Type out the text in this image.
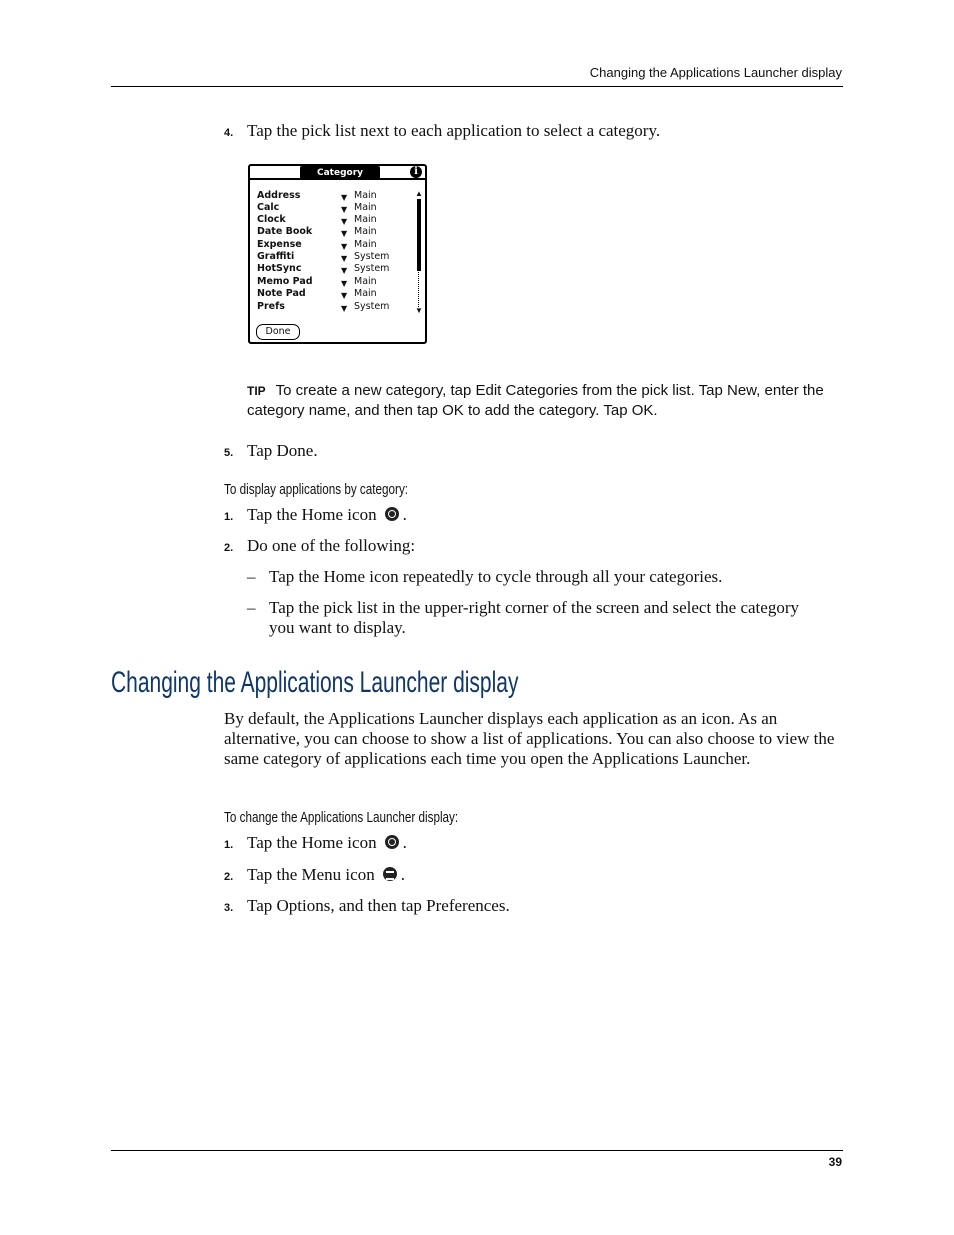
Changing the Applications Launcher display
4. Tap the pick list next to each application to select a category.
Category	i
Address	▼ Main
Calc	▼ Main
Clock	▼ Main
Date Book	▼ Main
Expense	▼ Main
Graffiti	▼ System
HotSync	▼ System
Memo Pad	▼ Main
Note Pad	▼ Main
Prefs	▼ System
▲
▼
Done
TIP To create a new category, tap Edit Categories from the pick list. Tap New, enter the category name, and then tap OK to add the category. Tap OK.
5. Tap Done.
To display applications by category:
1. Tap the Home icon .
2. Do one of the following:
– Tap the Home icon repeatedly to cycle through all your categories.
– Tap the pick list in the upper-right corner of the screen and select the category you want to display.
Changing the Applications Launcher display
By default, the Applications Launcher displays each application as an icon. As an alternative, you can choose to show a list of applications. You can also choose to view the same category of applications each time you open the Applications Launcher.
To change the Applications Launcher display:
1. Tap the Home icon .
2. Tap the Menu icon .
3. Tap Options, and then tap Preferences.
39
